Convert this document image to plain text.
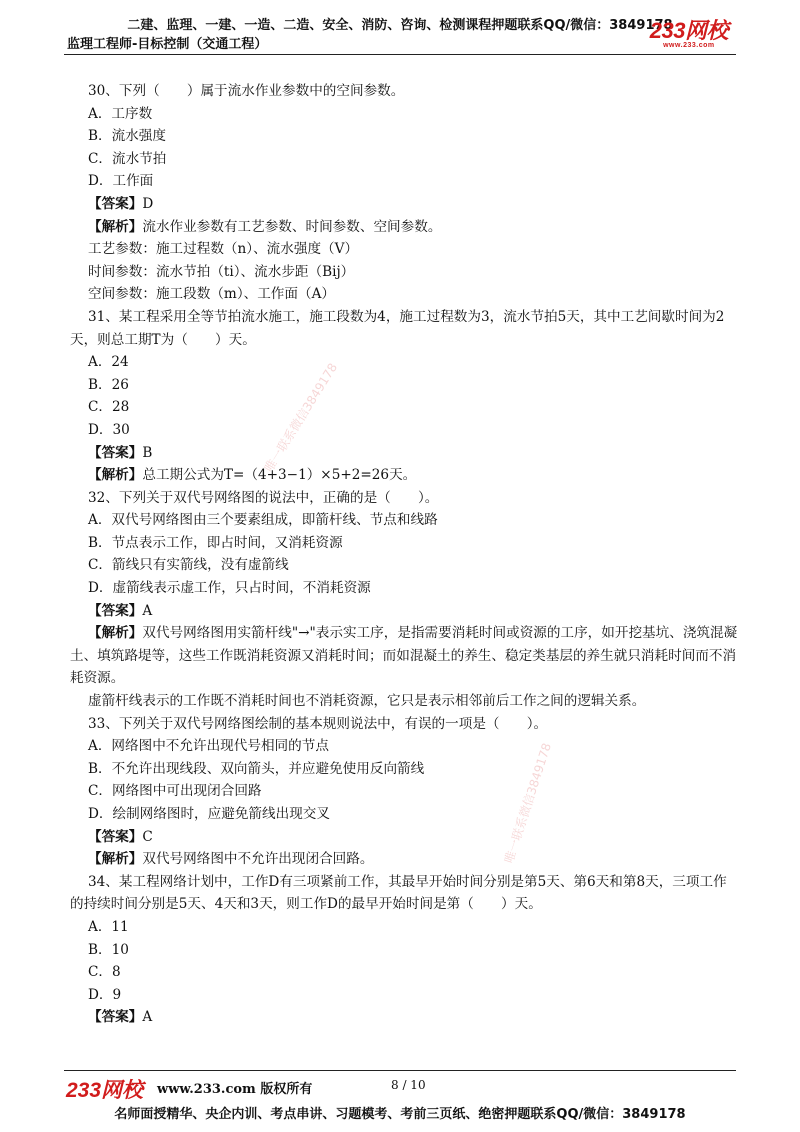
二建、监理、一建、一造、二造、安全、消防、咨询、检测课程押题联系QQ/微信：3849178
监理工程师-目标控制（交通工程）
233网校
www.233.com
30、下列（　　）属于流水作业参数中的空间参数。
A．工序数
B．流水强度
C．流水节拍
D．工作面
【答案】D
【解析】流水作业参数有工艺参数、时间参数、空间参数。
工艺参数：施工过程数（n）、流水强度（V）
时间参数：流水节拍（ti）、流水步距（Bij）
空间参数：施工段数（m）、工作面（A）
31、某工程采用全等节拍流水施工，施工段数为4，施工过程数为3，流水节拍5天，其中工艺间歇时间为2天，则总工期T为（　　）天。
A．24
B．26
C．28
D．30
【答案】B
【解析】总工期公式为T=（4+3−1）×5+2=26天。
32、下列关于双代号网络图的说法中，正确的是（　　）。
A．双代号网络图由三个要素组成，即箭杆线、节点和线路
B．节点表示工作，即占时间，又消耗资源
C．箭线只有实箭线，没有虚箭线
D．虚箭线表示虚工作，只占时间，不消耗资源
【答案】A
【解析】双代号网络图用实箭杆线"→"表示实工序，是指需要消耗时间或资源的工序，如开挖基坑、浇筑混凝土、填筑路堤等，这些工作既消耗资源又消耗时间；而如混凝土的养生、稳定类基层的养生就只消耗时间而不消耗资源。
虚箭杆线表示的工作既不消耗时间也不消耗资源，它只是表示相邻前后工作之间的逻辑关系。
33、下列关于双代号网络图绘制的基本规则说法中，有误的一项是（　　）。
A．网络图中不允许出现代号相同的节点
B．不允许出现线段、双向箭头，并应避免使用反向箭线
C．网络图中可出现闭合回路
D．绘制网络图时，应避免箭线出现交叉
【答案】C
【解析】双代号网络图中不允许出现闭合回路。
34、某工程网络计划中，工作D有三项紧前工作，其最早开始时间分别是第5天、第6天和第8天，三项工作的持续时间分别是5天、4天和3天，则工作D的最早开始时间是第（　　）天。
A．11
B．10
C．8
D．9
【答案】A
唯一联系微信3849178
唯一联系微信3849178
233网校 www.233.com 版权所有	8 / 10
名师面授精华、央企内训、考点串讲、习题模考、考前三页纸、绝密押题联系QQ/微信：3849178
